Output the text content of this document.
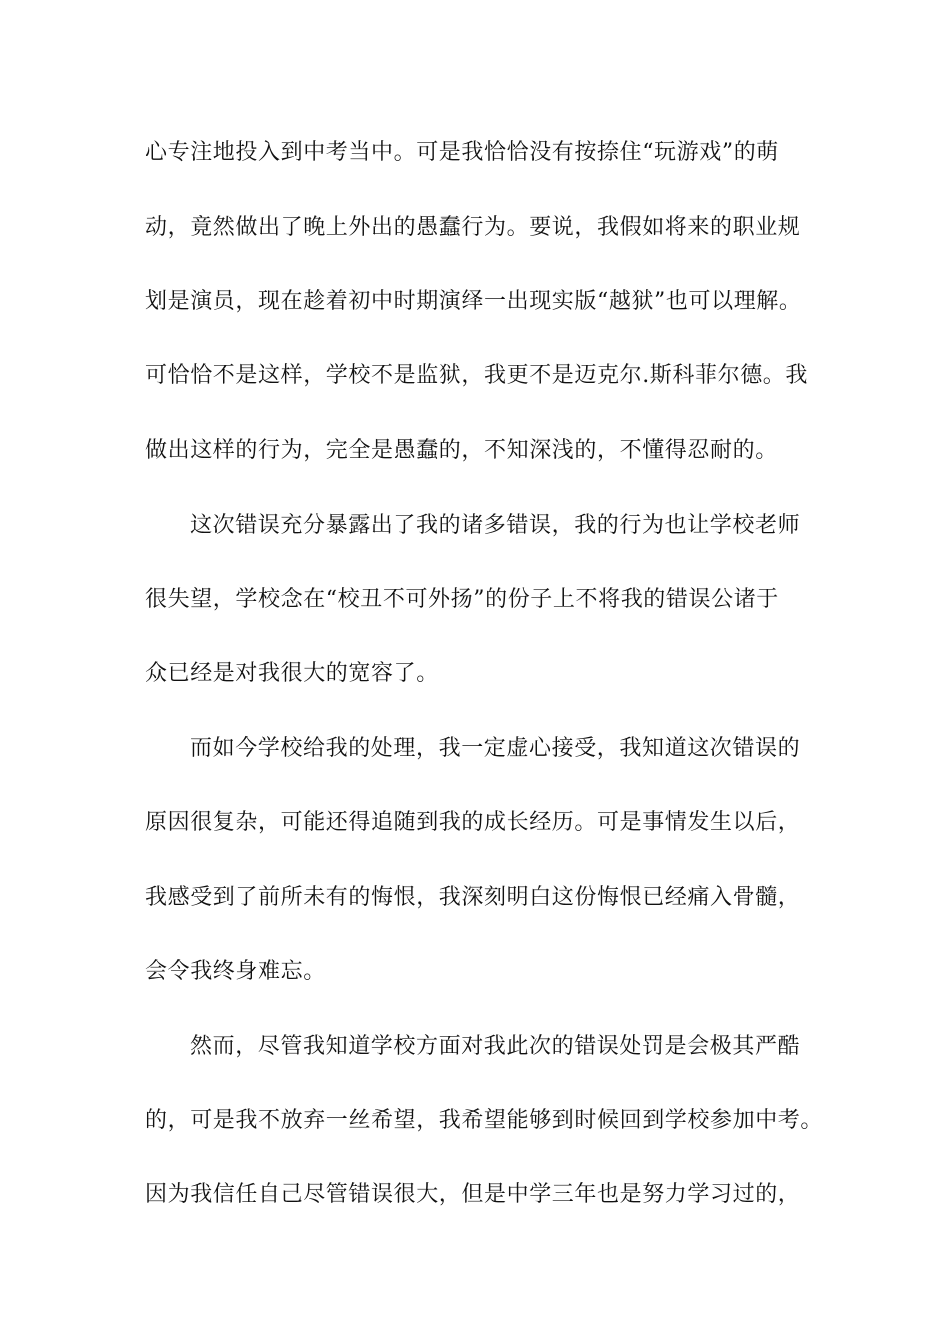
心专注地投入到中考当中。可是我恰恰没有按捺住“玩游戏”的萌
动，竟然做出了晚上外出的愚蠢行为。要说，我假如将来的职业规
划是演员，现在趁着初中时期演绎一出现实版“越狱”也可以理解。
可恰恰不是这样，学校不是监狱，我更不是迈克尔.斯科菲尔德。我
做出这样的行为，完全是愚蠢的，不知深浅的，不懂得忍耐的。
这次错误充分暴露出了我的诸多错误，我的行为也让学校老师
很失望，学校念在“校丑不可外扬”的份子上不将我的错误公诸于
众已经是对我很大的宽容了。
而如今学校给我的处理，我一定虚心接受，我知道这次错误的
原因很复杂，可能还得追随到我的成长经历。可是事情发生以后，
我感受到了前所未有的悔恨，我深刻明白这份悔恨已经痛入骨髓，
会令我终身难忘。
然而，尽管我知道学校方面对我此次的错误处罚是会极其严酷
的，可是我不放弃一丝希望，我希望能够到时候回到学校参加中考。
因为我信任自己尽管错误很大，但是中学三年也是努力学习过的，
